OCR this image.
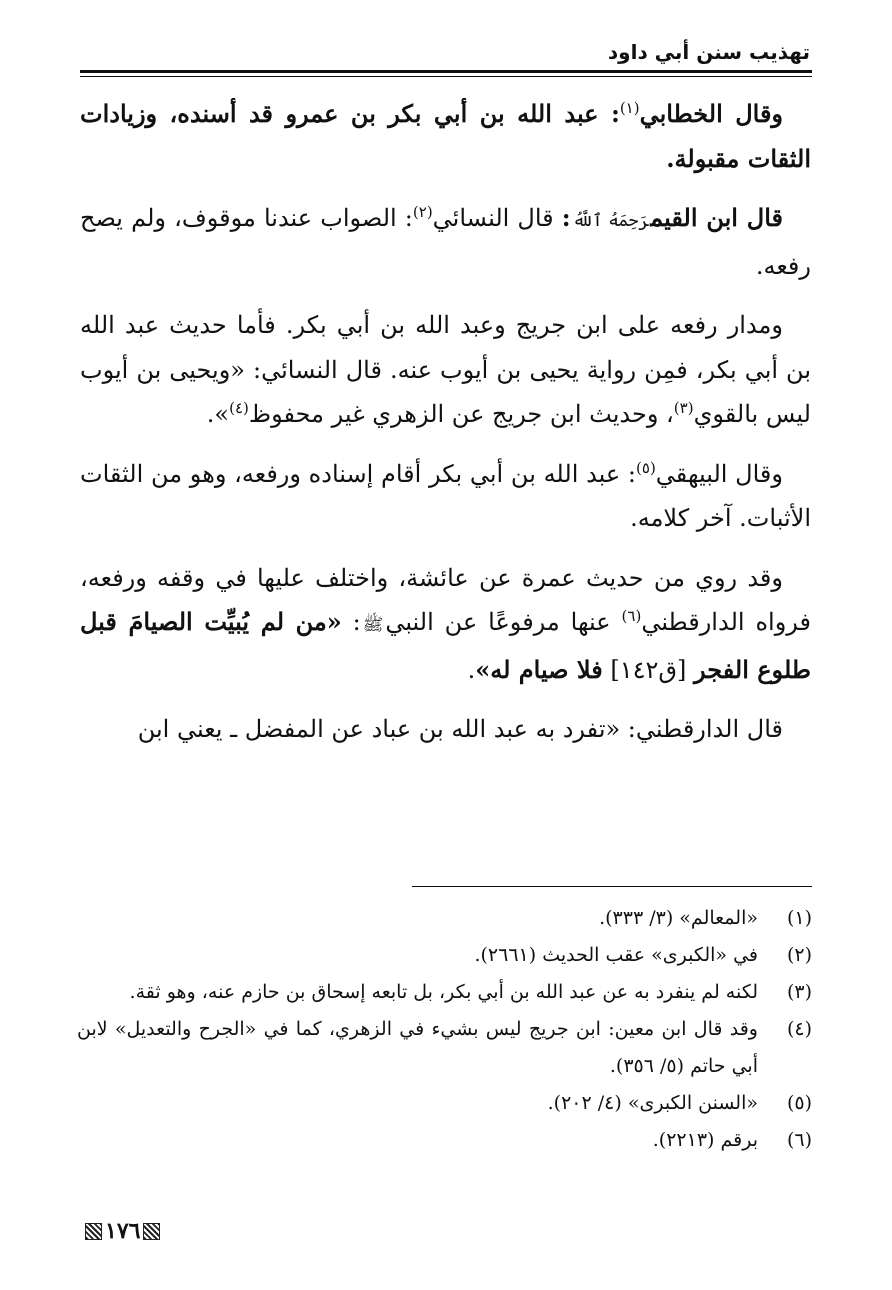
تهذيب سنن أبي داود

وقال الخطابي$^{(١)}$: عبد الله بن أبي بكر بن عمرو قد أسنده، وزيادات الثقات مقبولة.

قال ابن القيمرَحِمَهُ ٱللَّهُ: قال النسائي$^{(٢)}$: الصواب عندنا موقوف، ولم يصح رفعه.

ومدار رفعه على ابن جريج وعبد الله بن أبي بكر. فأما حديث عبد الله بن أبي بكر، فمِن رواية يحيى بن أيوب عنه. قال النسائي: «ويحيى بن أيوب ليس بالقوي$^{(٣)}$، وحديث ابن جريج عن الزهري غير محفوظ$^{(٤)}$».

وقال البيهقي$^{(٥)}$: عبد الله بن أبي بكر أقام إسناده ورفعه، وهو من الثقات الأثبات. آخر كلامه.

وقد روي من حديث عمرة عن عائشة، واختلف عليها في وقفه ورفعه، فرواه الدارقطني$^{(٦)}$ عنها مرفوعًا عن النبيﷺ: «من لم يُبيِّت الصيامَ قبل طلوع الفجر [ق١٤٢] فلا صيام له».

قال الدارقطني: «تفرد به عبد الله بن عباد عن المفضل ـ يعني ابن

(١)
«المعالم» (٣/ ٣٣٣).
(٢)
في «الكبرى» عقب الحديث (٢٦٦١).
(٣)
لكنه لم ينفرد به عن عبد الله بن أبي بكر، بل تابعه إسحاق بن حازم عنه، وهو ثقة.
(٤)
وقد قال ابن معين: ابن جريج ليس بشيء في الزهري، كما في «الجرح والتعديل» لابن أبي حاتم (٥/ ٣٥٦).
(٥)
«السنن الكبرى» (٤/ ٢٠٢).
(٦)
برقم (٢٢١٣).
١٧٦
